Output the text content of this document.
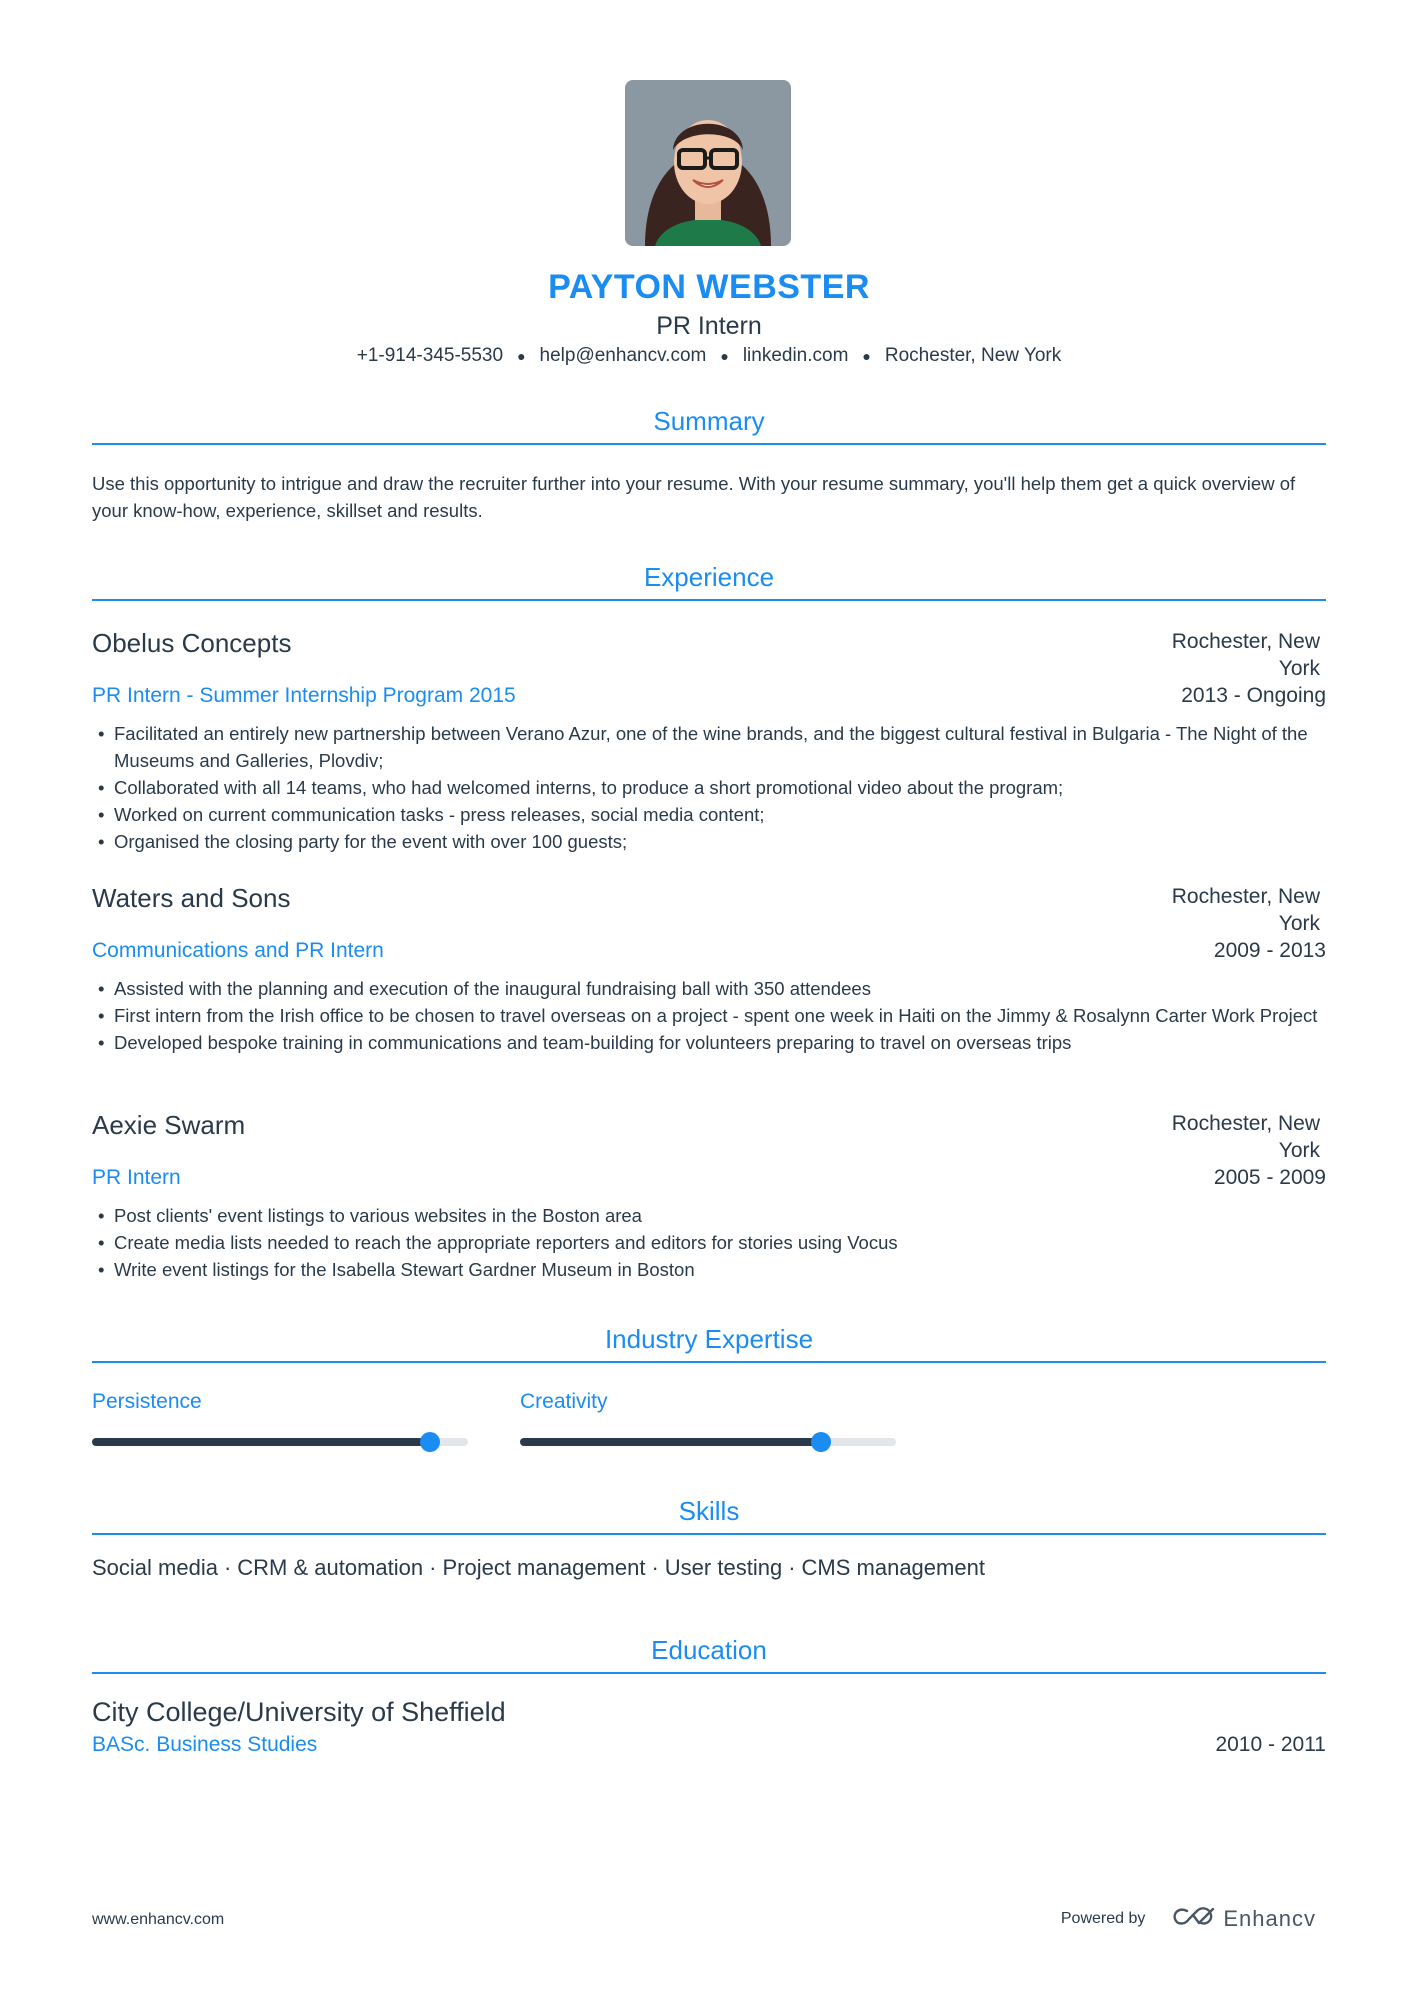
PAYTON WEBSTER
PR Intern
+1-914-345-5530 ● help@enhancv.com ● linkedin.com ● Rochester, New York
Summary
Use this opportunity to intrigue and draw the recruiter further into your resume. With your resume summary, you'll help them get a quick overview of your know-how, experience, skillset and results.
Experience
Obelus Concepts	Rochester, New
York
PR Intern - Summer Internship Program 2015	2013 - Ongoing
• Facilitated an entirely new partnership between Verano Azur, one of the wine brands, and the biggest cultural festival in Bulgaria - The Night of the Museums and Galleries, Plovdiv;
• Collaborated with all 14 teams, who had welcomed interns, to produce a short promotional video about the program;
• Worked on current communication tasks - press releases, social media content;
• Organised the closing party for the event with over 100 guests;
Waters and Sons	Rochester, New
York
Communications and PR Intern	2009 - 2013
• Assisted with the planning and execution of the inaugural fundraising ball with 350 attendees
• First intern from the Irish office to be chosen to travel overseas on a project - spent one week in Haiti on the Jimmy & Rosalynn Carter Work Project
• Developed bespoke training in communications and team-building for volunteers preparing to travel on overseas trips
Aexie Swarm	Rochester, New
York
PR Intern	2005 - 2009
• Post clients' event listings to various websites in the Boston area
• Create media lists needed to reach the appropriate reporters and editors for stories using Vocus
• Write event listings for the Isabella Stewart Gardner Museum in Boston
Industry Expertise
Persistence	Creativity
Skills
Social media · CRM & automation · Project management · User testing · CMS management
Education
City College/University of Sheffield
BASc. Business Studies	2010 - 2011
www.enhancv.com	Powered by	Enhancv
